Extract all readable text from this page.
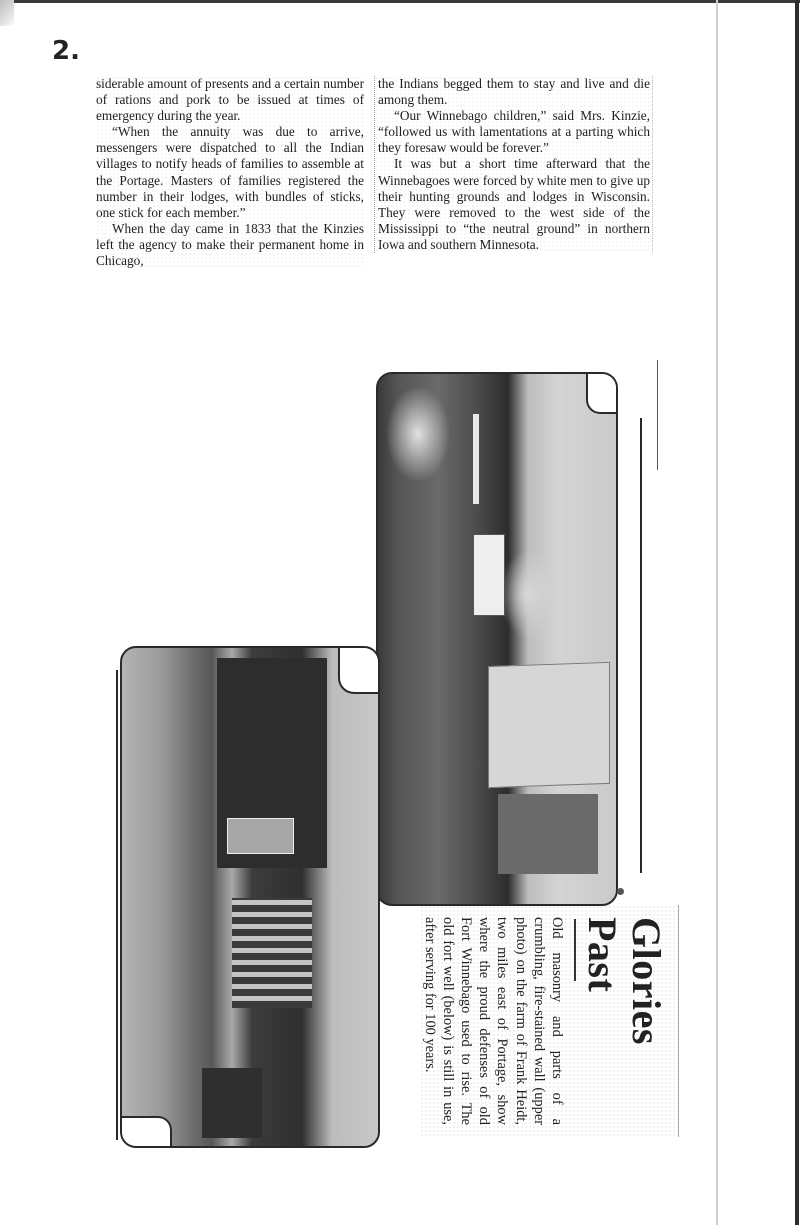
2.

siderable amount of presents and a certain number of rations and pork to be issued at times of emergency during the year.

“When the annuity was due to arrive, messengers were dispatched to all the Indian villages to notify heads of families to assemble at the Portage. Masters of families registered the number in their lodges, with bundles of sticks, one stick for each member.”

When the day came in 1833 that the Kinzies left the agency to make their permanent home in Chicago,

the Indians begged them to stay and live and die among them.

“Our Winnebago children,” said Mrs. Kinzie, “followed us with lamentations at a parting which they foresaw would be forever.”

It was but a short time afterward that the Winnebagoes were forced by white men to give up their hunting grounds and lodges in Wisconsin. They were removed to the west side of the Mississippi to “the neutral ground” in northern Iowa and southern Minnesota.

Glories Past
Old masonry and parts of a crumbling, fire-stained wall (upper photo) on the farm of Frank Heidt, two miles east of Portage, show where the proud defenses of old Fort Winnebago used to rise. The old fort well (below) is still in use, after serving for 100 years.
